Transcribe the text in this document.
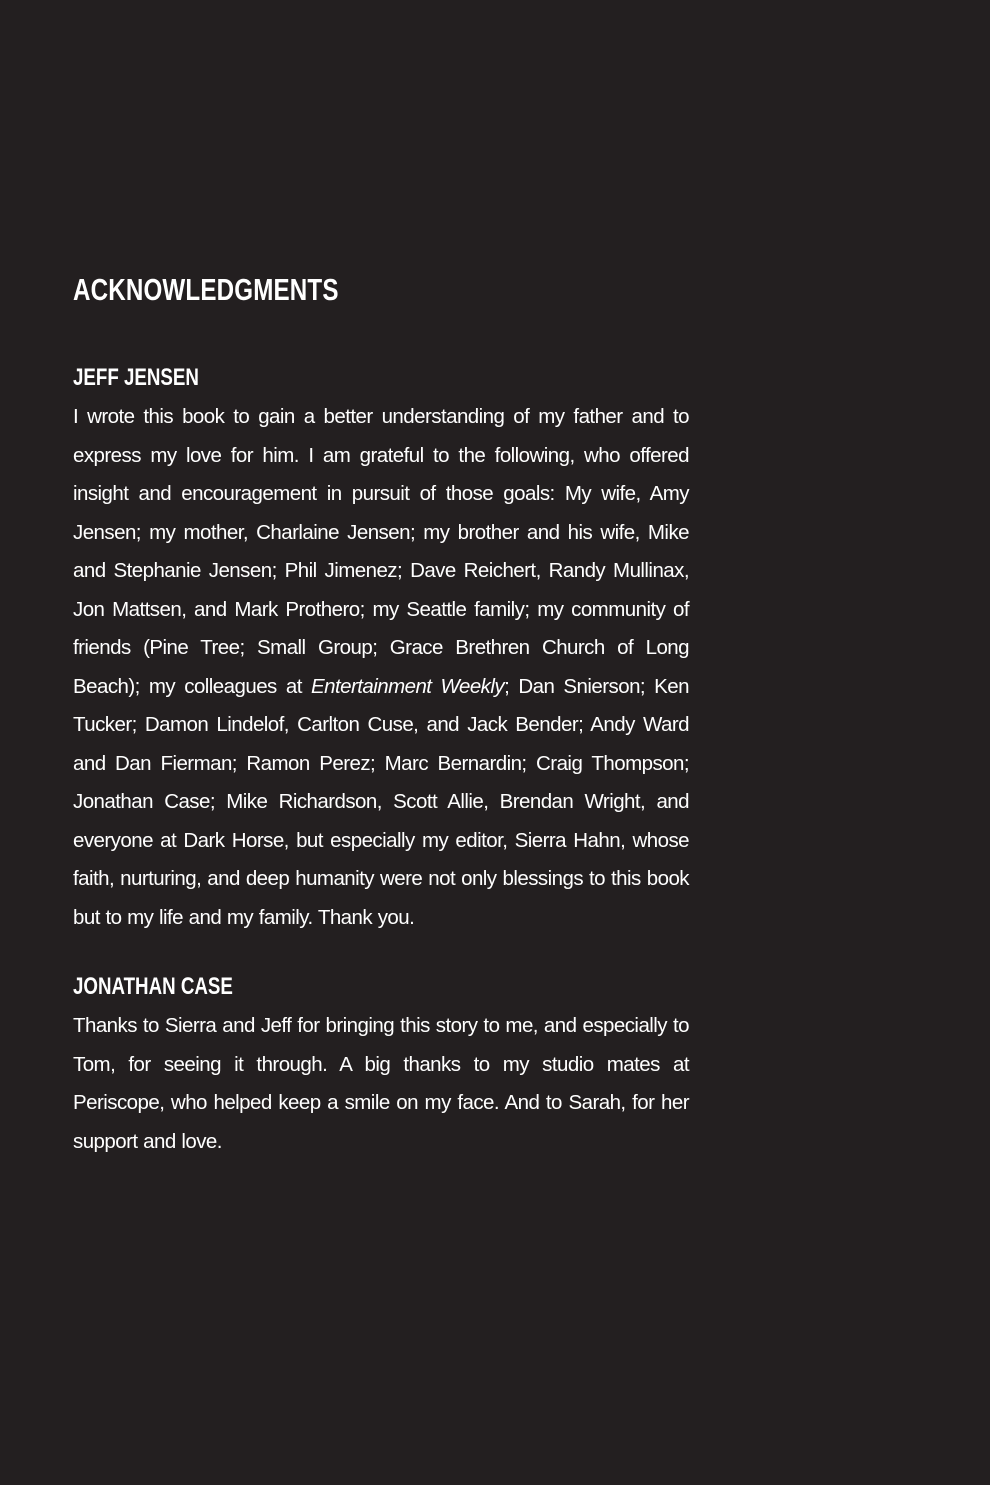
ACKNOWLEDGMENTS
JEFF JENSEN

I wrote this book to gain a better understanding of my father and to express my love for him. I am grateful to the following, who offered insight and encouragement in pursuit of those goals: My wife, Amy Jensen; my mother, Charlaine Jensen; my brother and his wife, Mike and Stephanie Jensen; Phil Jimenez; Dave Reichert, Randy Mullinax, Jon Mattsen, and Mark Prothero; my Seattle family; my community of friends (Pine Tree; Small Group; Grace Brethren Church of Long Beach); my colleagues at Entertainment Weekly; Dan Snierson; Ken Tucker; Damon Lindelof, Carlton Cuse, and Jack Bender; Andy Ward and Dan Fierman; Ramon Perez; Marc Bernardin; Craig Thompson; Jonathan Case; Mike Richardson, Scott Allie, Brendan Wright, and everyone at Dark Horse, but especially my editor, Sierra Hahn, whose faith, nurturing, and deep humanity were not only blessings to this book but to my life and my family. Thank you.

JONATHAN CASE

Thanks to Sierra and Jeff for bringing this story to me, and especially to Tom, for seeing it through. A big thanks to my studio mates at Periscope, who helped keep a smile on my face. And to Sarah, for her support and love.
